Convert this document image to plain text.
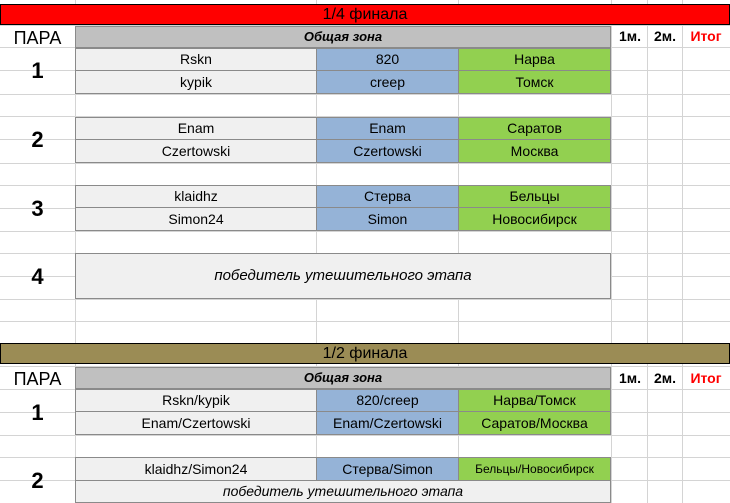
1/4 финала
ПАРА	Общая зона	1м. 2м.	Итог
1	Rskn	820	Нарва
kypik	creep	Томск
2	Enam	Enam	Саратов
Czertowski	Czertowski	Москва
3	klaidhz	Стерва	Бельцы
Simon24	Simon	Новосибирск
4	победитель утешительного этапа
1/2 финала
ПАРА	Общая зона	1м. 2м.	Итог
1	Rskn/kypik	820/creep	Нарва/Томск
Enam/Czertowski	Enam/Czertowski	Саратов/Москва
2	klaidhz/Simon24	Стерва/Simon	Бельцы/Новосибирск
победитель утешительного этапа
